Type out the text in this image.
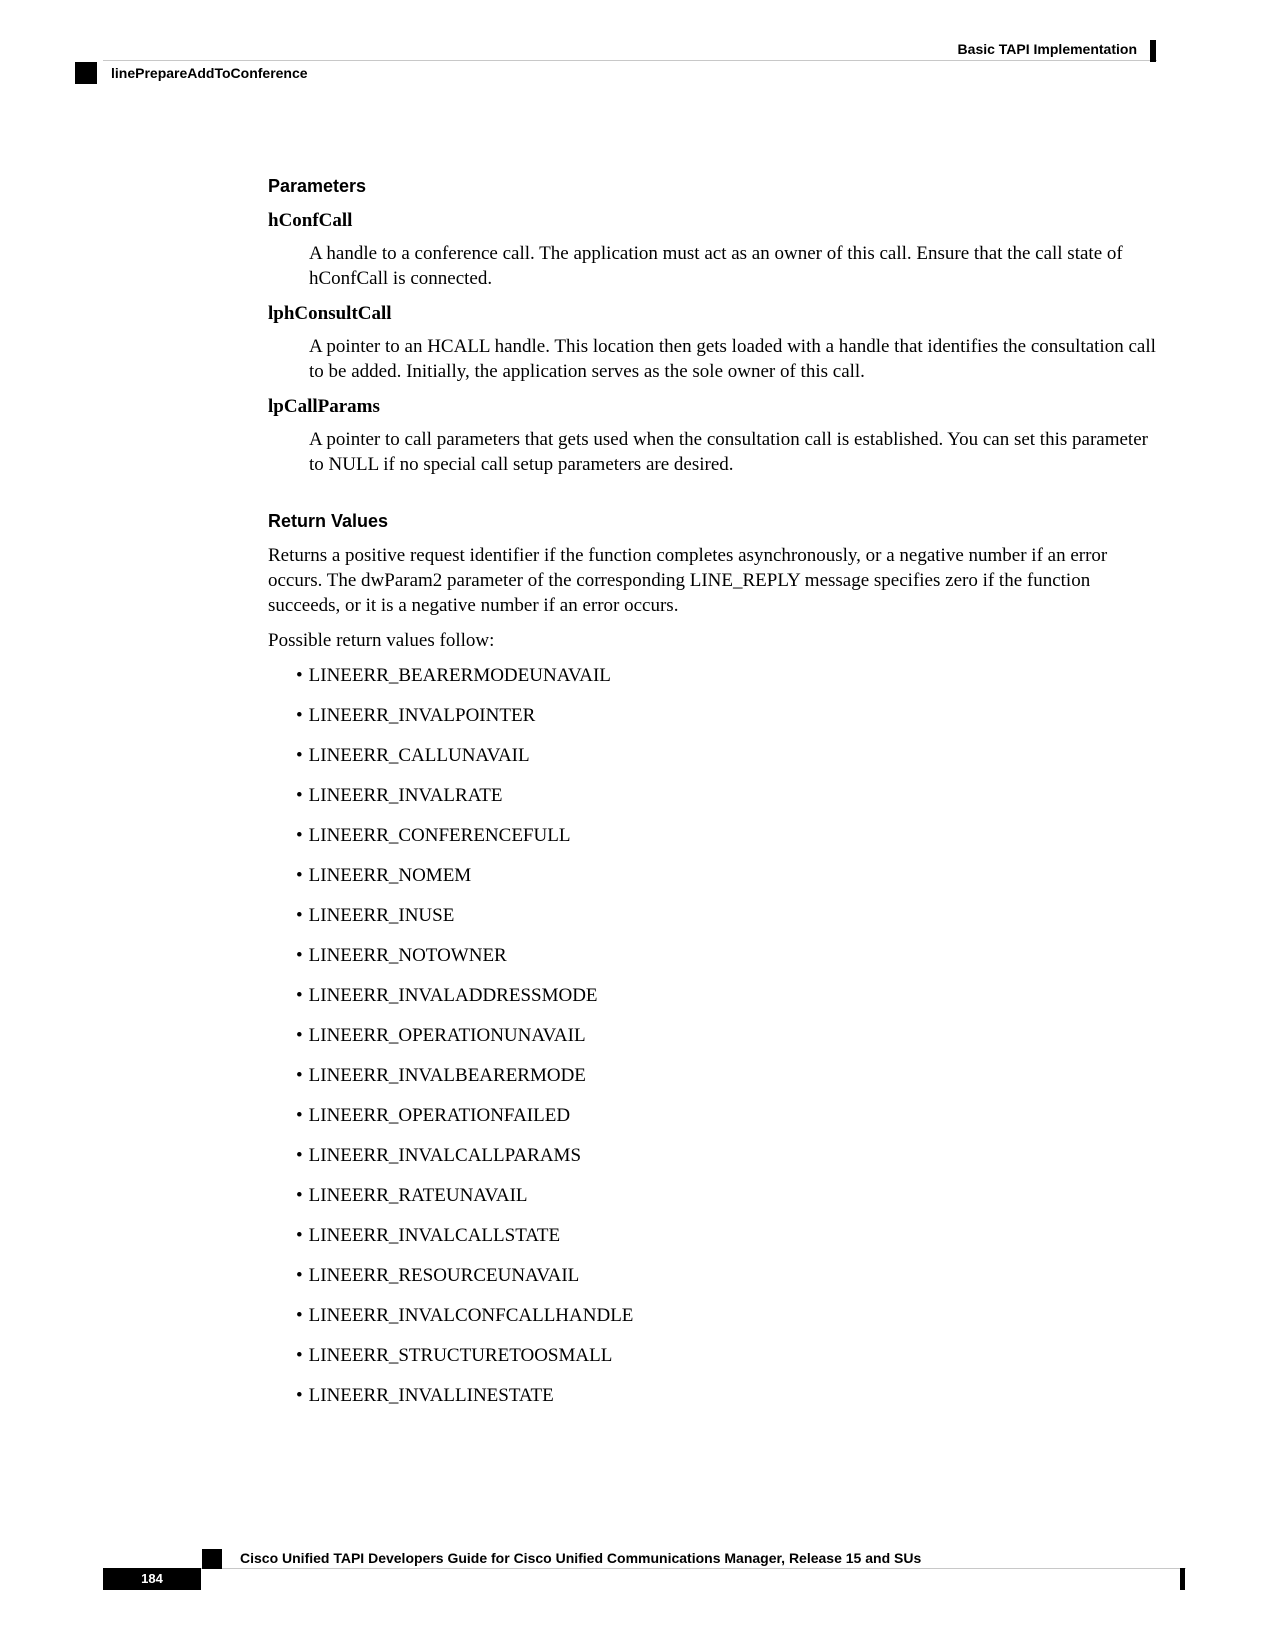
Basic TAPI Implementation
linePrepareAddToConference
Parameters
hConfCall
A handle to a conference call. The application must act as an owner of this call. Ensure that the call state of hConfCall is connected.
lphConsultCall
A pointer to an HCALL handle. This location then gets loaded with a handle that identifies the consultation call to be added. Initially, the application serves as the sole owner of this call.
lpCallParams
A pointer to call parameters that gets used when the consultation call is established. You can set this parameter to NULL if no special call setup parameters are desired.
Return Values
Returns a positive request identifier if the function completes asynchronously, or a negative number if an error occurs. The dwParam2 parameter of the corresponding LINE_REPLY message specifies zero if the function succeeds, or it is a negative number if an error occurs.
Possible return values follow:
• LINEERR_BEARERMODEUNAVAIL
• LINEERR_INVALPOINTER
• LINEERR_CALLUNAVAIL
• LINEERR_INVALRATE
• LINEERR_CONFERENCEFULL
• LINEERR_NOMEM
• LINEERR_INUSE
• LINEERR_NOTOWNER
• LINEERR_INVALADDRESSMODE
• LINEERR_OPERATIONUNAVAIL
• LINEERR_INVALBEARERMODE
• LINEERR_OPERATIONFAILED
• LINEERR_INVALCALLPARAMS
• LINEERR_RATEUNAVAIL
• LINEERR_INVALCALLSTATE
• LINEERR_RESOURCEUNAVAIL
• LINEERR_INVALCONFCALLHANDLE
• LINEERR_STRUCTURETOOSMALL
• LINEERR_INVALLINESTATE
Cisco Unified TAPI Developers Guide for Cisco Unified Communications Manager, Release 15 and SUs
184
